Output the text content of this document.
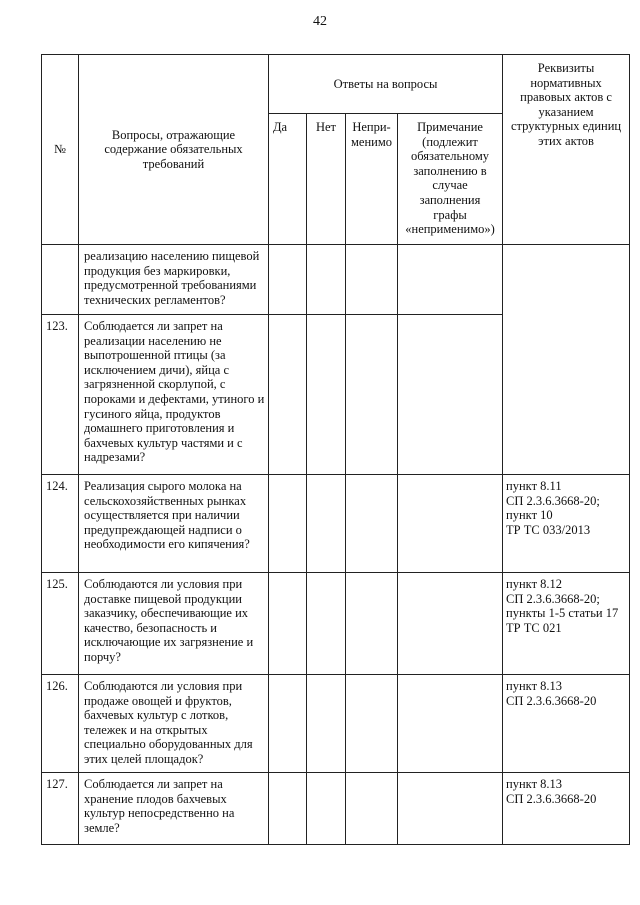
42
№	Вопросы, отражающие содержание обязательных требований	Ответы на вопросы				Реквизиты нормативных правовых актов с указанием структурных единиц этих актов
		Да	Нет	Непри-менимо	Примечание (подлежит обязательному заполнению в случае заполнения графы «неприменимо»)	
	реализацию населению пищевой продукция без маркировки, предусмотренной требованиями технических регламентов?					
123.	Соблюдается ли запрет на реализации населению не выпотрошенной птицы (за исключением дичи), яйца с загрязненной скорлупой, с пороками и дефектами, утиного и гусиного яйца, продуктов домашнего приготовления и бахчевых культур частями и с надрезами?					
124.	Реализация сырого молока на сельскохозяйственных рынках осуществляется при наличии предупреждающей надписи о необходимости его кипячения?					пункт 8.11
СП 2.3.6.3668-20;
пункт 10
ТР ТС 033/2013

125.	Соблюдаются ли условия при доставке пищевой продукции заказчику, обеспечивающие их качество, безопасность и исключающие их загрязнение и порчу?					пункт 8.12
СП 2.3.6.3668-20;
пункты 1-5 статьи 17
ТР ТС 021

126.	Соблюдаются ли условия при продаже овощей и фруктов, бахчевых культур с лотков, тележек и на открытых специально оборудованных для этих целей площадок?					пункт 8.13
СП 2.3.6.3668-20

127.	Соблюдается ли запрет на хранение плодов бахчевых культур непосредственно на земле?					пункт 8.13
СП 2.3.6.3668-20
